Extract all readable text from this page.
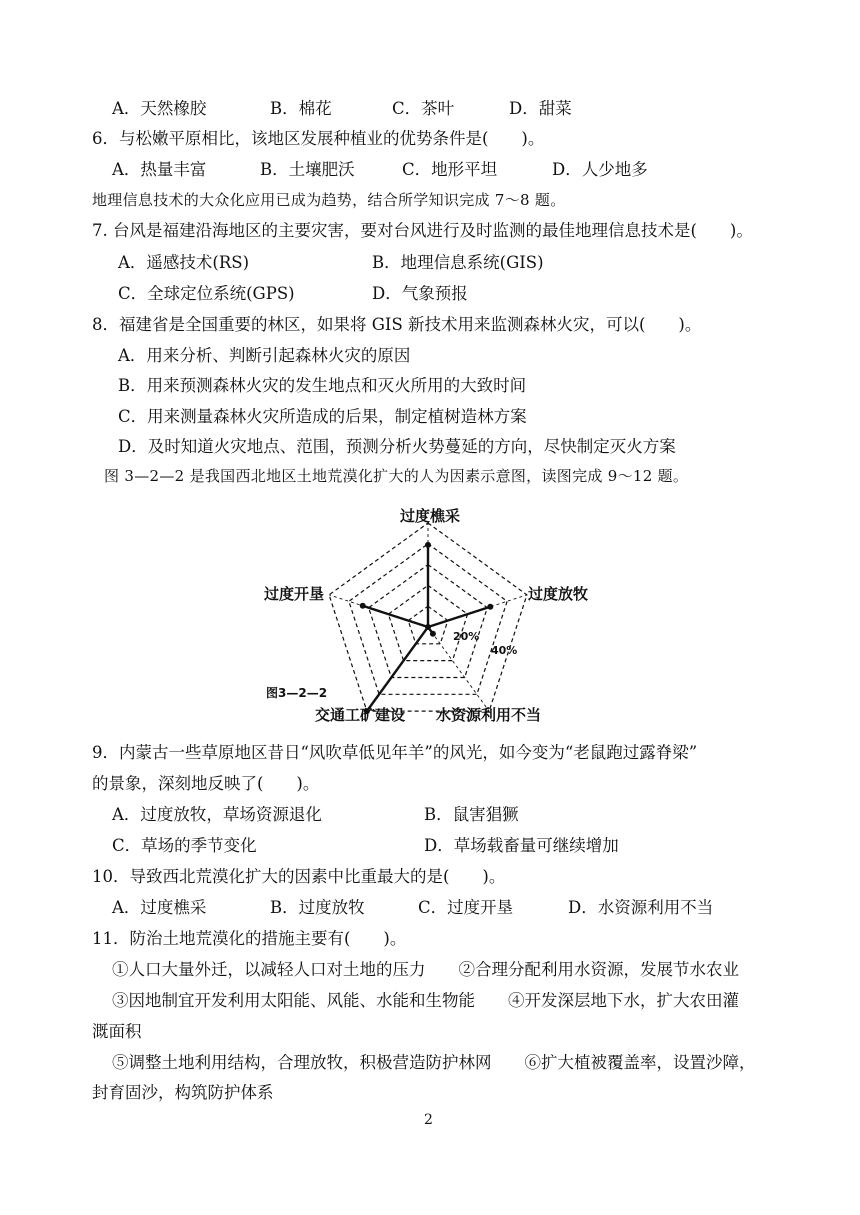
A．天然橡胶	B．棉花	C．茶叶	D．甜菜
6．与松嫩平原相比，该地区发展种植业的优势条件是(　　)。
A．热量丰富	B．土壤肥沃	C．地形平坦	D．人少地多
地理信息技术的大众化应用已成为趋势，结合所学知识完成 7～8 题。
7. 台风是福建沿海地区的主要灾害，要对台风进行及时监测的最佳地理信息技术是(　　)。
A．遥感技术(RS)	B．地理信息系统(GIS)
C．全球定位系统(GPS)	D．气象预报
8．福建省是全国重要的林区，如果将 GIS 新技术用来监测森林火灾，可以(　　)。
A．用来分析、判断引起森林火灾的原因
B．用来预测森林火灾的发生地点和灭火所用的大致时间
C．用来测量森林火灾所造成的后果，制定植树造林方案
D．及时知道火灾地点、范围，预测分析火势蔓延的方向，尽快制定灭火方案
图 3—2—2 是我国西北地区土地荒漠化扩大的人为因素示意图，读图完成 9～12 题。
过度樵采
过度放牧
水资源利用不当
交通工矿建设
过度开垦
20%
40%
图3—2—2
9．内蒙古一些草原地区昔日“风吹草低见年羊”的风光，如今变为“老鼠跑过露脊梁”
的景象，深刻地反映了(　　)。
A．过度放牧，草场资源退化	B．鼠害猖獗
C．草场的季节变化	D．草场载畜量可继续增加
10．导致西北荒漠化扩大的因素中比重最大的是(　　)。
A．过度樵采	B．过度放牧	C．过度开垦	D．水资源利用不当
11．防治土地荒漠化的措施主要有(　　)。
①人口大量外迁，以减轻人口对土地的压力　　②合理分配利用水资源，发展节水农业
③因地制宜开发利用太阳能、风能、水能和生物能　　④开发深层地下水，扩大农田灌
溉面积
⑤调整土地利用结构，合理放牧，积极营造防护林网　　⑥扩大植被覆盖率，设置沙障，
封育固沙，构筑防护体系
2
